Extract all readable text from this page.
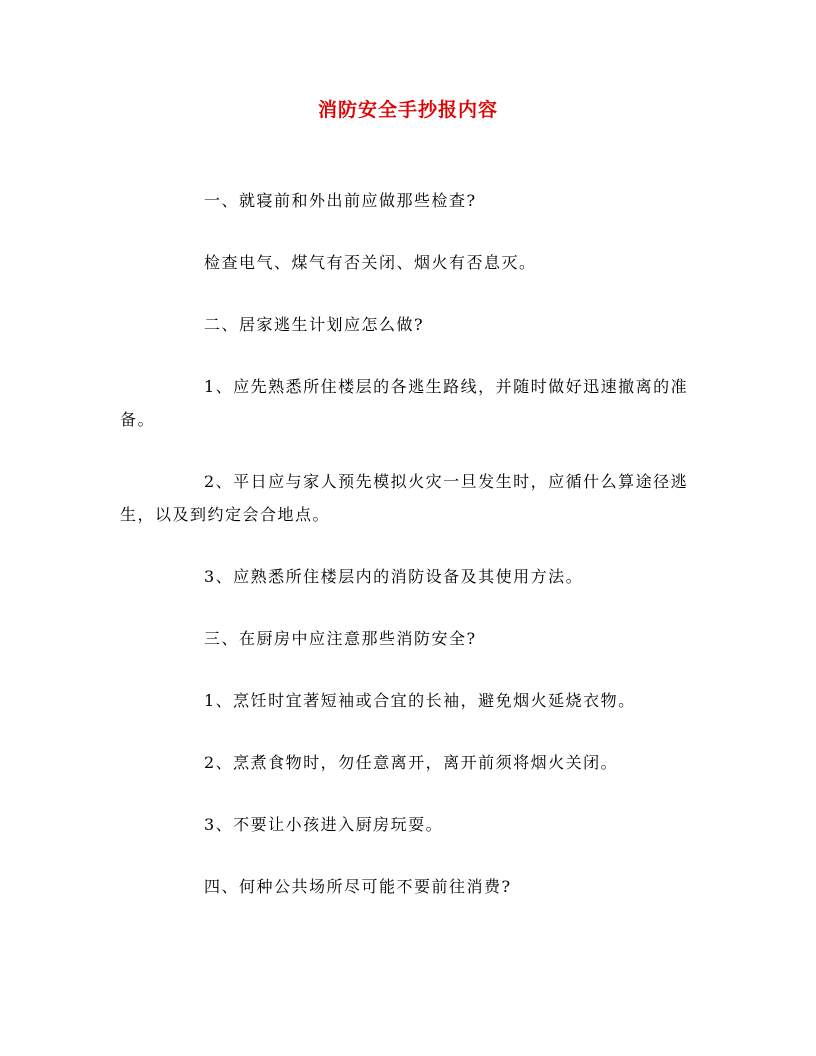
消防安全手抄报内容

一、就寝前和外出前应做那些检查?

检查电气、煤气有否关闭、烟火有否息灭。

二、居家逃生计划应怎么做?

1、应先熟悉所住楼层的各逃生路线，并随时做好迅速撤离的准备。

2、平日应与家人预先模拟火灾一旦发生时，应循什么算途径逃生，以及到约定会合地点。

3、应熟悉所住楼层内的消防设备及其使用方法。

三、在厨房中应注意那些消防安全?

1、烹饪时宜著短袖或合宜的长袖，避免烟火延烧衣物。

2、烹煮食物时，勿任意离开，离开前须将烟火关闭。

3、不要让小孩进入厨房玩耍。

四、何种公共场所尽可能不要前往消费?
